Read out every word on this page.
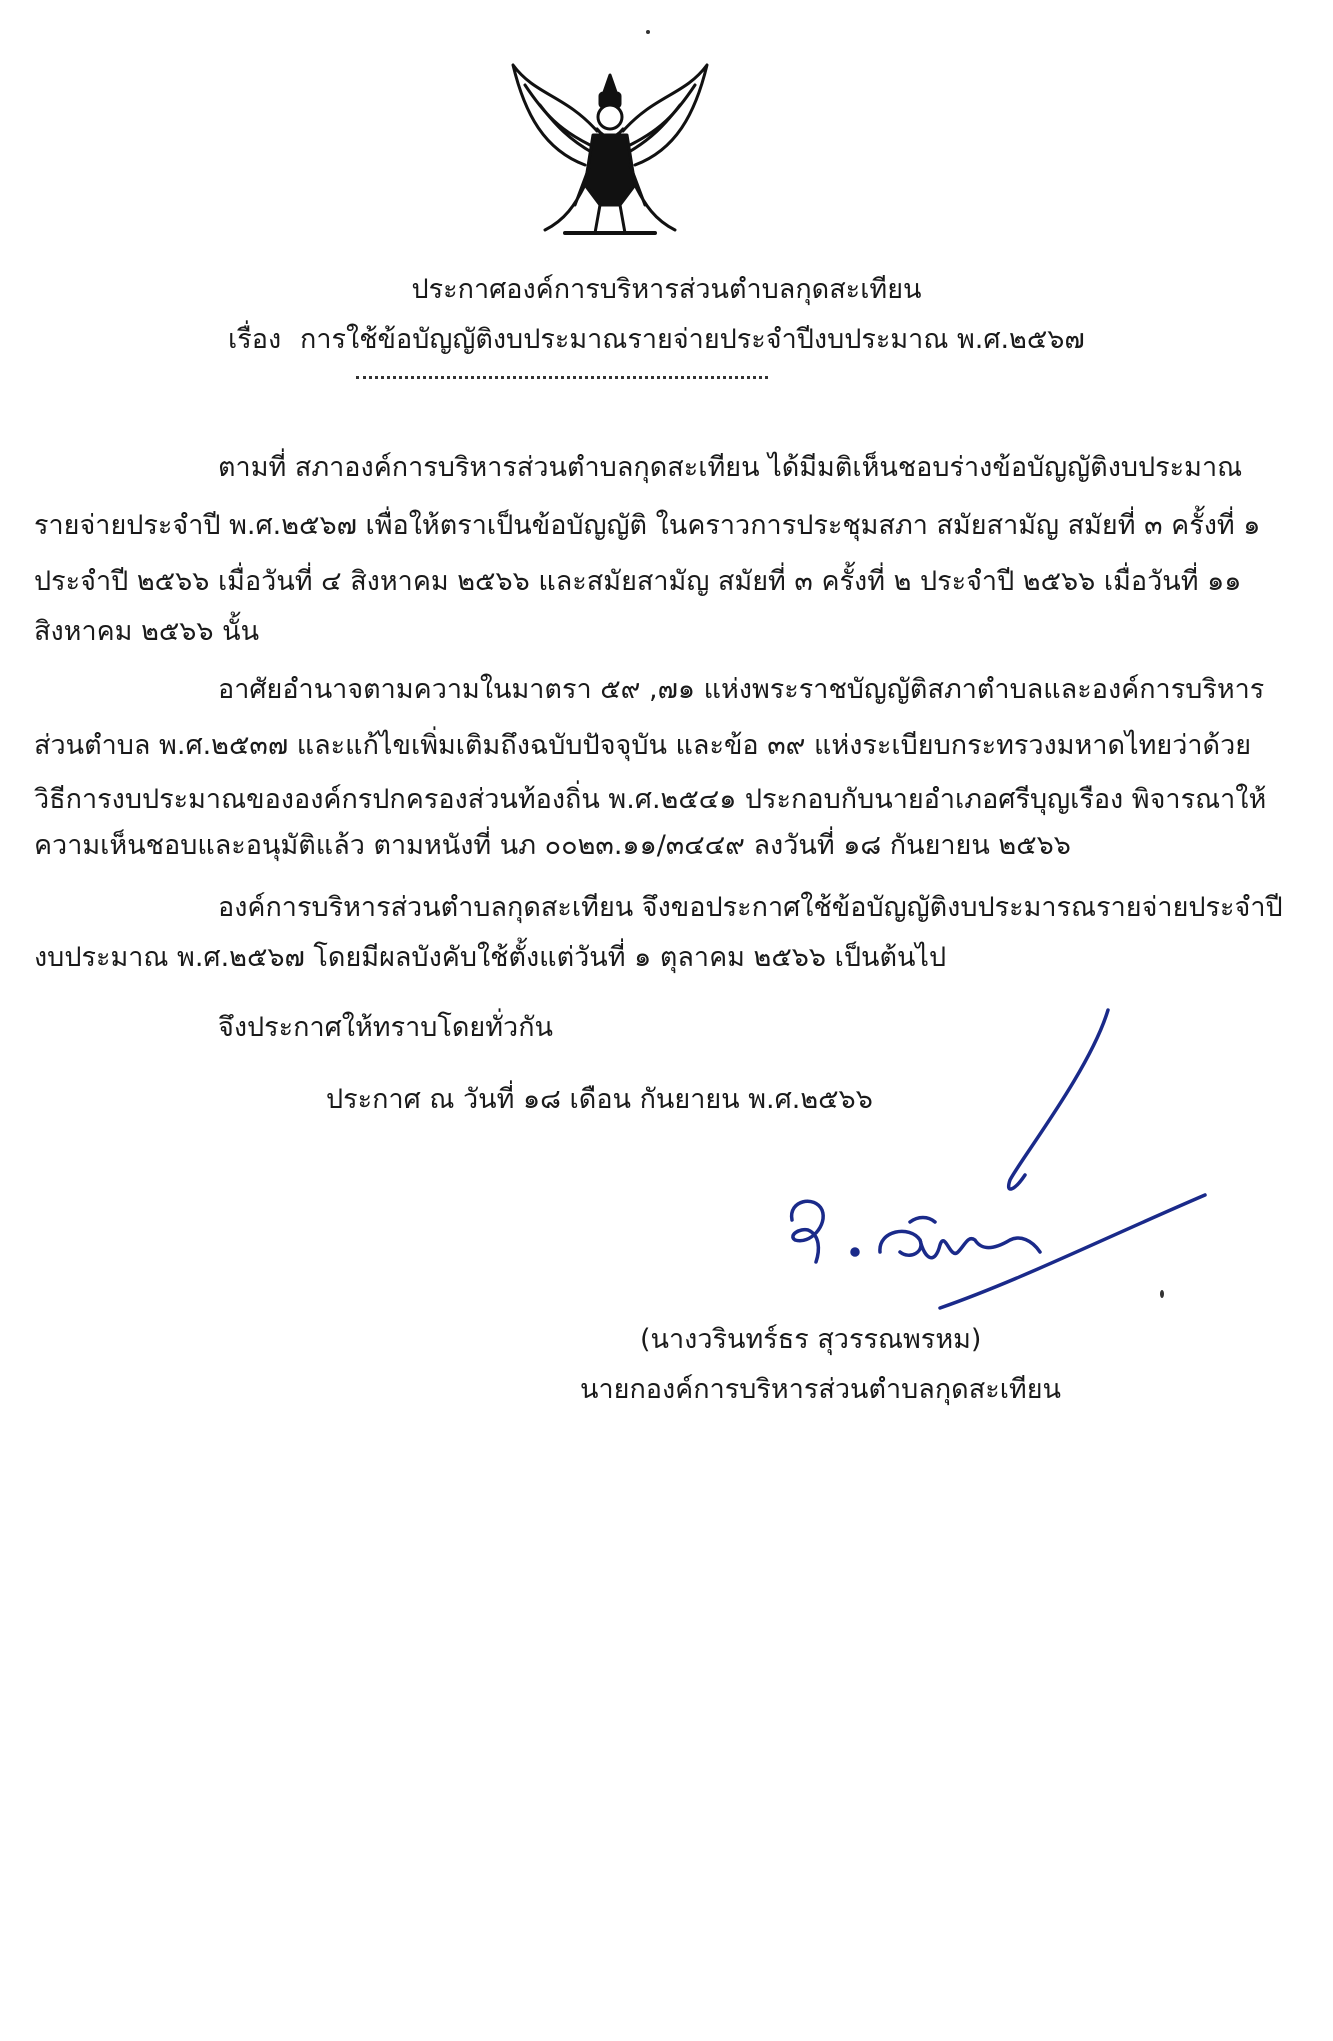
ประกาศองค์การบริหารส่วนตำบลกุดสะเทียน
เรื่อง การใช้ข้อบัญญัติงบประมาณรายจ่ายประจำปีงบประมาณ พ.ศ.๒๕๖๗
ตามที่ สภาองค์การบริหารส่วนตำบลกุดสะเทียน ได้มีมติเห็นชอบร่างข้อบัญญัติงบประมาณ
รายจ่ายประจำปี พ.ศ.๒๕๖๗ เพื่อให้ตราเป็นข้อบัญญัติ ในคราวการประชุมสภา สมัยสามัญ สมัยที่ ๓ ครั้งที่ ๑
ประจำปี ๒๕๖๖ เมื่อวันที่ ๔ สิงหาคม ๒๕๖๖ และสมัยสามัญ สมัยที่ ๓ ครั้งที่ ๒ ประจำปี ๒๕๖๖ เมื่อวันที่ ๑๑
สิงหาคม ๒๕๖๖ นั้น
อาศัยอำนาจตามความในมาตรา ๕๙ ,๗๑ แห่งพระราชบัญญัติสภาตำบลและองค์การบริหาร
ส่วนตำบล พ.ศ.๒๕๓๗ และแก้ไขเพิ่มเติมถึงฉบับปัจจุบัน และข้อ ๓๙ แห่งระเบียบกระทรวงมหาดไทยว่าด้วย
วิธีการงบประมาณขององค์กรปกครองส่วนท้องถิ่น พ.ศ.๒๕๔๑ ประกอบกับนายอำเภอศรีบุญเรือง พิจารณาให้
ความเห็นชอบและอนุมัติแล้ว ตามหนังที่ นภ ๐๐๒๓.๑๑/๓๔๔๙ ลงวันที่ ๑๘ กันยายน ๒๕๖๖
องค์การบริหารส่วนตำบลกุดสะเทียน จึงขอประกาศใช้ข้อบัญญัติงบประมารณรายจ่ายประจำปี
งบประมาณ พ.ศ.๒๕๖๗ โดยมีผลบังคับใช้ตั้งแต่วันที่ ๑ ตุลาคม ๒๕๖๖ เป็นต้นไป
จึงประกาศให้ทราบโดยทั่วกัน
ประกาศ ณ วันที่ ๑๘ เดือน กันยายน พ.ศ.๒๕๖๖
(นางวรินทร์ธร สุวรรณพรหม)
นายกองค์การบริหารส่วนตำบลกุดสะเทียน
